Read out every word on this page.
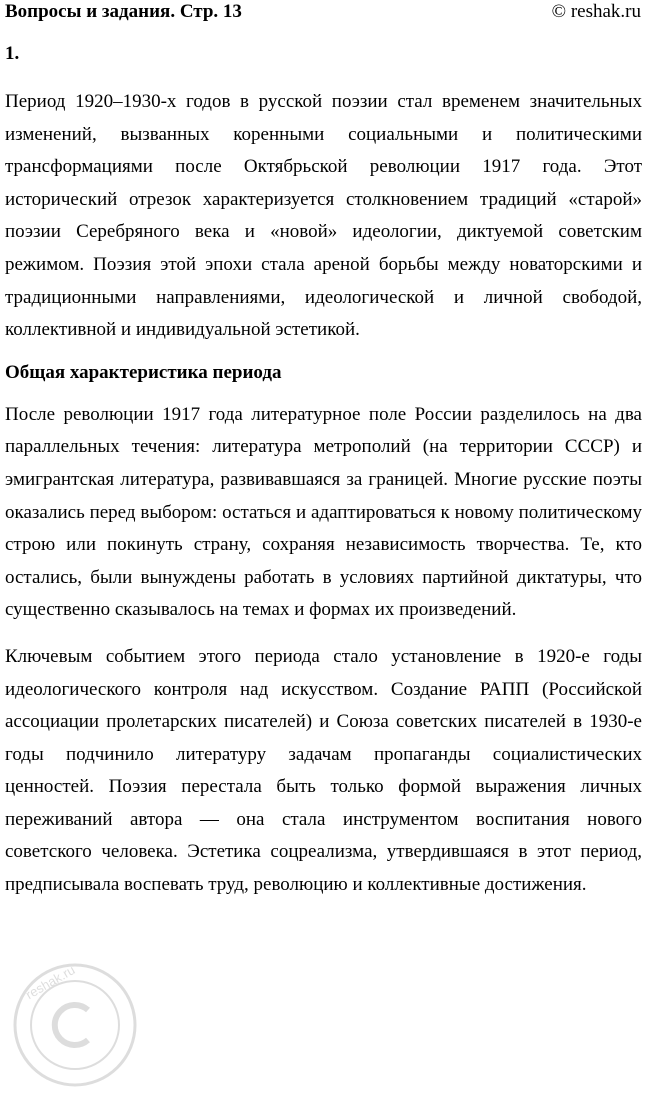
Вопросы и задания. Стр. 13	© reshak.ru
1.

Период 1920–1930-х годов в русской поэзии стал временем значительных изменений, вызванных коренными социальными и политическими трансформациями после Октябрьской революции 1917 года. Этот исторический отрезок характеризуется столкновением традиций «старой» поэзии Серебряного века и «новой» идеологии, диктуемой советским режимом. Поэзия этой эпохи стала ареной борьбы между новаторскими и традиционными направлениями, идеологической и личной свободой, коллективной и индивидуальной эстетикой.

Общая характеристика периода

После революции 1917 года литературное поле России разделилось на два параллельных течения: литература метрополий (на территории СССР) и эмигрантская литература, развивавшаяся за границей. Многие русские поэты оказались перед выбором: остаться и адаптироваться к новому политическому строю или покинуть страну, сохраняя независимость творчества. Те, кто остались, были вынуждены работать в условиях партийной диктатуры, что существенно сказывалось на темах и формах их произведений.

Ключевым событием этого периода стало установление в 1920-е годы идеологического контроля над искусством. Создание РАПП (Российской ассоциации пролетарских писателей) и Союза советских писателей в 1930-е годы подчинило литературу задачам пропаганды социалистических ценностей. Поэзия перестала быть только формой выражения личных переживаний автора — она стала инструментом воспитания нового советского человека. Эстетика соцреализма, утвердившаяся в этот период, предписывала воспевать труд, революцию и коллективные достижения.

reshak.ru
